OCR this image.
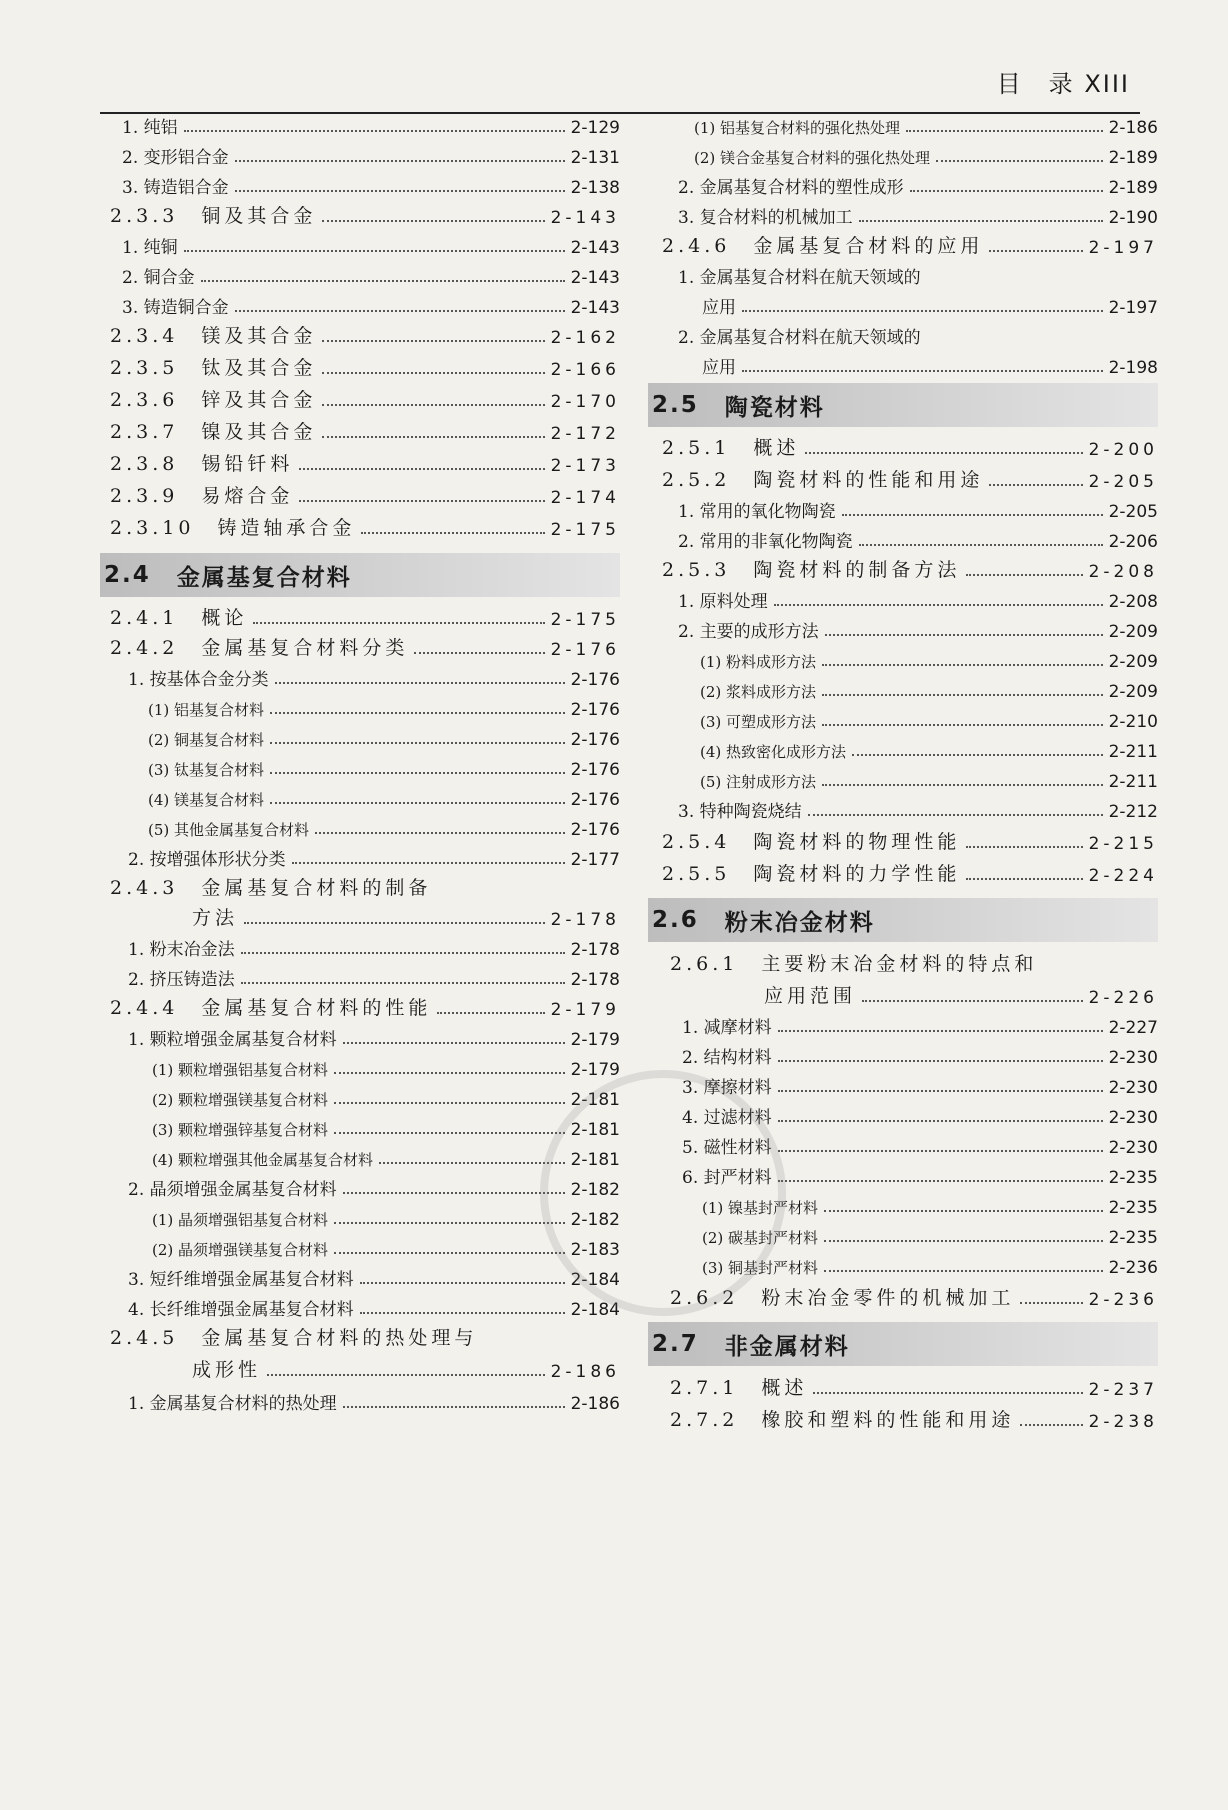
目　录 XIII
1. 纯铝	2-129
2. 变形铝合金	2-131
3. 铸造铝合金	2-138
2.3.3　铜及其合金	2-143
1. 纯铜	2-143
2. 铜合金	2-143
3. 铸造铜合金	2-143
2.3.4　镁及其合金	2-162
2.3.5　钛及其合金	2-166
2.3.6　锌及其合金	2-170
2.3.7　镍及其合金	2-172
2.3.8　锡铅钎料	2-173
2.3.9　易熔合金	2-174
2.3.10　铸造轴承合金	2-175
2.4 金属基复合材料
2.4.1　概论	2-175
2.4.2　金属基复合材料分类	2-176
1. 按基体合金分类	2-176
(1) 铝基复合材料	2-176
(2) 铜基复合材料	2-176
(3) 钛基复合材料	2-176
(4) 镁基复合材料	2-176
(5) 其他金属基复合材料	2-176
2. 按增强体形状分类	2-177
2.4.3　金属基复合材料的制备
方法	2-178
1. 粉末冶金法	2-178
2. 挤压铸造法	2-178
2.4.4　金属基复合材料的性能	2-179
1. 颗粒增强金属基复合材料	2-179
(1) 颗粒增强铝基复合材料	2-179
(2) 颗粒增强镁基复合材料	2-181
(3) 颗粒增强锌基复合材料	2-181
(4) 颗粒增强其他金属基复合材料	2-181
2. 晶须增强金属基复合材料	2-182
(1) 晶须增强铝基复合材料	2-182
(2) 晶须增强镁基复合材料	2-183
3. 短纤维增强金属基复合材料	2-184
4. 长纤维增强金属基复合材料	2-184
2.4.5　金属基复合材料的热处理与
成形性	2-186
1. 金属基复合材料的热处理	2-186
(1) 铝基复合材料的强化热处理	2-186
(2) 镁合金基复合材料的强化热处理	2-189
2. 金属基复合材料的塑性成形	2-189
3. 复合材料的机械加工	2-190
2.4.6　金属基复合材料的应用	2-197
1. 金属基复合材料在航天领域的
应用	2-197
2. 金属基复合材料在航天领域的
应用	2-198
2.5 陶瓷材料
2.5.1　概述	2-200
2.5.2　陶瓷材料的性能和用途	2-205
1. 常用的氧化物陶瓷	2-205
2. 常用的非氧化物陶瓷	2-206
2.5.3　陶瓷材料的制备方法	2-208
1. 原料处理	2-208
2. 主要的成形方法	2-209
(1) 粉料成形方法	2-209
(2) 浆料成形方法	2-209
(3) 可塑成形方法	2-210
(4) 热致密化成形方法	2-211
(5) 注射成形方法	2-211
3. 特种陶瓷烧结	2-212
2.5.4　陶瓷材料的物理性能	2-215
2.5.5　陶瓷材料的力学性能	2-224
2.6 粉末冶金材料
2.6.1　主要粉末冶金材料的特点和
应用范围	2-226
1. 减摩材料	2-227
2. 结构材料	2-230
3. 摩擦材料	2-230
4. 过滤材料	2-230
5. 磁性材料	2-230
6. 封严材料	2-235
(1) 镍基封严材料	2-235
(2) 碳基封严材料	2-235
(3) 铜基封严材料	2-236
2.6.2　粉末冶金零件的机械加工	2-236
2.7 非金属材料
2.7.1　概述	2-237
2.7.2　橡胶和塑料的性能和用途	2-238
